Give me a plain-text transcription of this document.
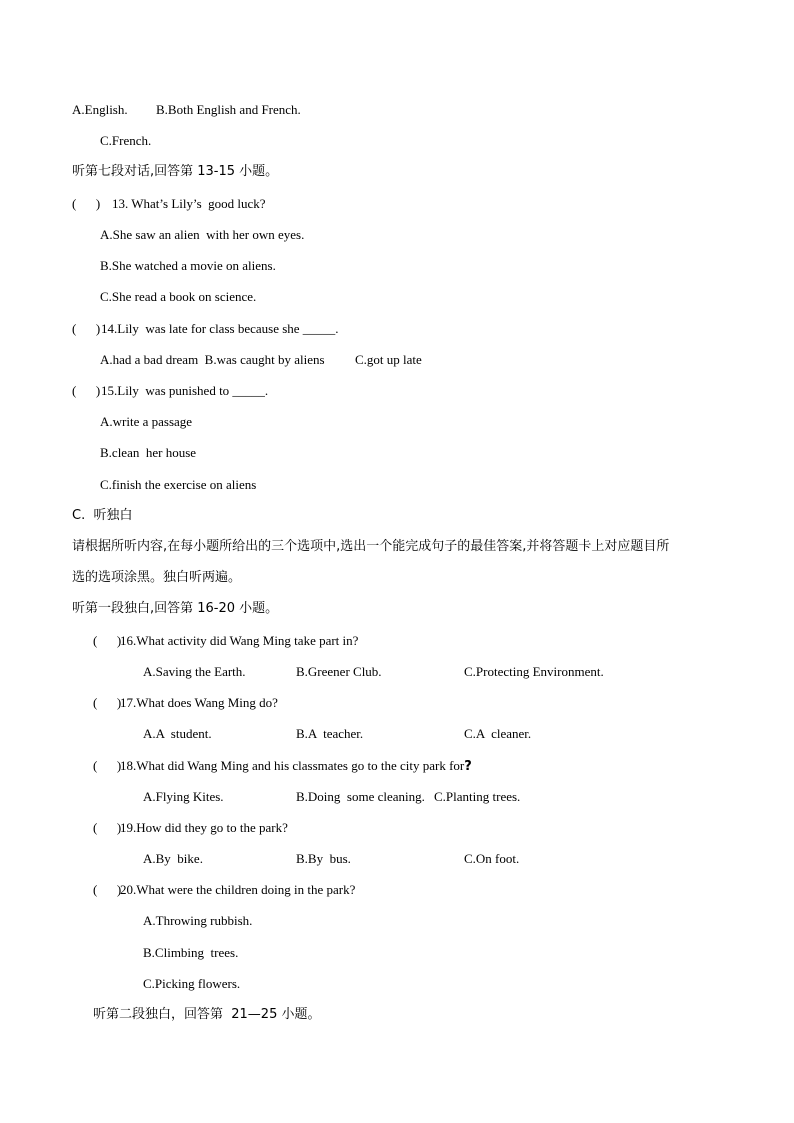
A.English. B.Both English and French.
C.French.
听第七段对话,回答第 13-15 小题。
(      ) 13. What’s Lily’s  good luck?
A.She saw an alien  with her own eyes.
B.She watched a movie on aliens.
C.She read a book on science.
(      ) 14.Lily  was late for class because she _____.
A.had a bad dream  B.was caught by aliens C.got up late
(      ) 15.Lily  was punished to _____.
A.write a passage
B.clean  her house
C.finish the exercise on aliens
C.  听独白
请根据所听内容,在每小题所给出的三个选项中,选出一个能完成句子的最佳答案,并将答题卡上对应题目所
选的选项涂黑。独白听两遍。
听第一段独白,回答第 16-20 小题。
(      )
16.What activity did Wang Ming take part in?
A.Saving the Earth.	B.Greener Club.	C.Protecting Environment.
(      )
17.What does Wang Ming do?
A.A  student.	B.A  teacher.	C.A  cleaner.
(      )
18.What did Wang Ming and his classmates go to the city park for?
A.Flying Kites.	B.Doing  some cleaning. C.Planting trees.
(      )
19.How did they go to the park?
A.By  bike.	B.By  bus.	C.On foot.
(      )
20.What were the children doing in the park?
A.Throwing rubbish.
B.Climbing  trees.
C.Picking flowers.
听第二段独白，回答第  21—25 小题。
